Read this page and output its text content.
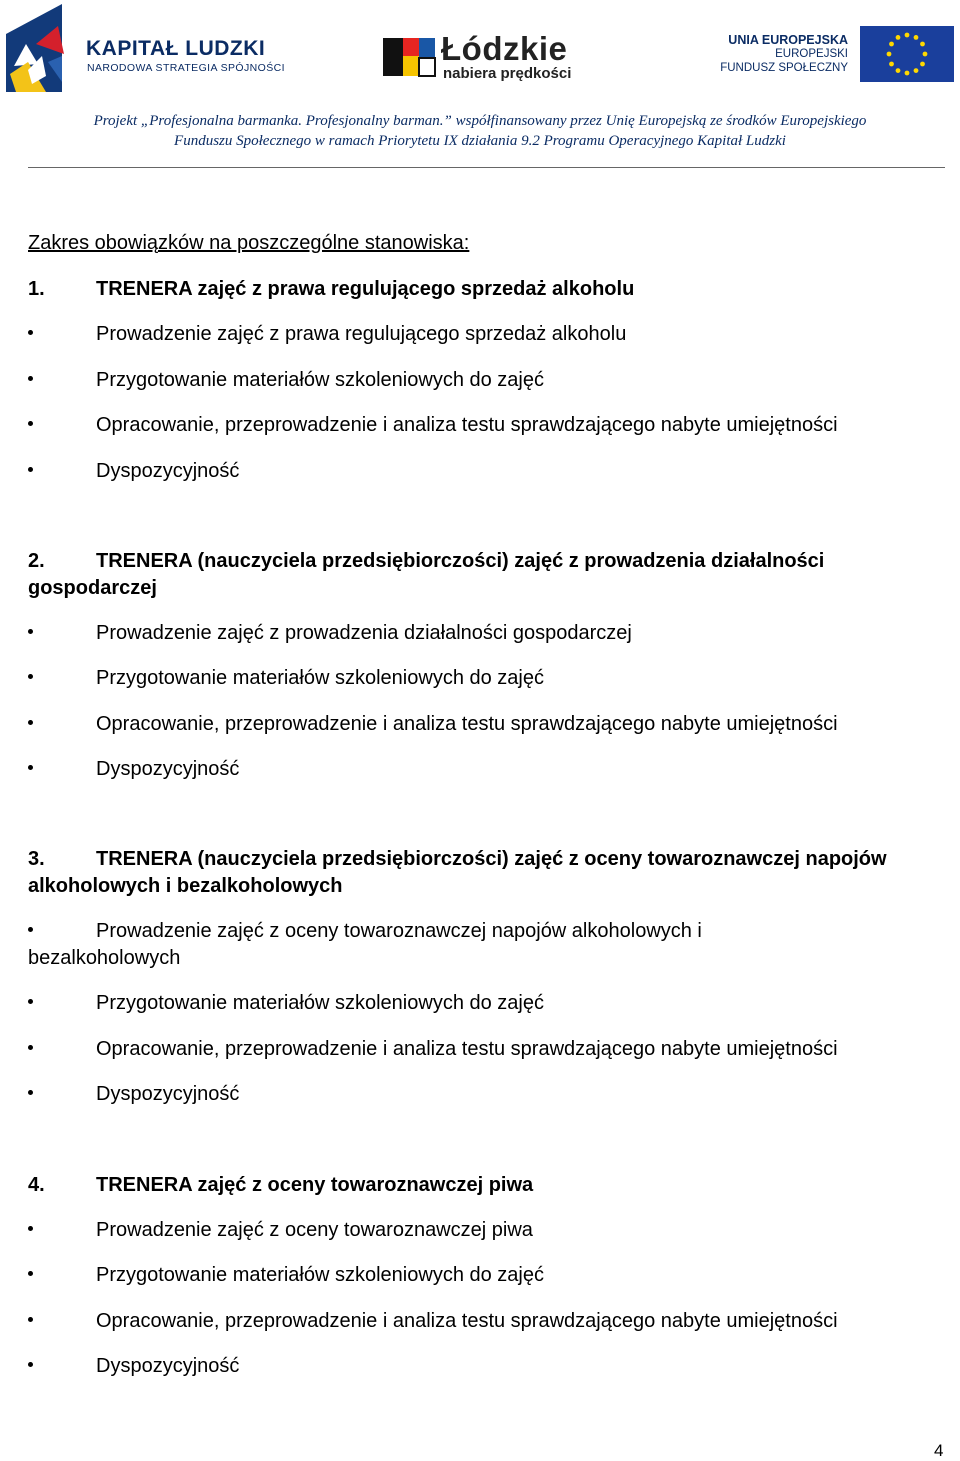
KAPITAŁ LUDZKI
NARODOWA STRATEGIA SPÓJNOŚCI
Łódzkie
nabiera prędkości
UNIA EUROPEJSKA
EUROPEJSKI
FUNDUSZ SPOŁECZNY
Projekt „Profesjonalna barmanka. Profesjonalny barman.” współfinansowany przez Unię Europejską ze środków Europejskiego
Funduszu Społecznego w ramach Priorytetu IX działania 9.2 Programu Operacyjnego Kapitał Ludzki
Zakres obowiązków na poszczególne stanowiska:
1.	TRENERA zajęć z prawa regulującego sprzedaż alkoholu
Prowadzenie zajęć z prawa regulującego sprzedaż alkoholu
Przygotowanie materiałów szkoleniowych do zajęć
Opracowanie, przeprowadzenie i analiza testu sprawdzającego nabyte umiejętności
Dyspozycyjność
2.	TRENERA (nauczyciela przedsiębiorczości) zajęć z prowadzenia działalności gospodarczej
Prowadzenie zajęć z prowadzenia działalności gospodarczej
Przygotowanie materiałów szkoleniowych do zajęć
Opracowanie, przeprowadzenie i analiza testu sprawdzającego nabyte umiejętności
Dyspozycyjność
3.	TRENERA (nauczyciela przedsiębiorczości) zajęć z oceny towaroznawczej napojów alkoholowych i bezalkoholowych
Prowadzenie zajęć z oceny towaroznawczej napojów alkoholowych i bezalkoholowych
Przygotowanie materiałów szkoleniowych do zajęć
Opracowanie, przeprowadzenie i analiza testu sprawdzającego nabyte umiejętności
Dyspozycyjność
4.	TRENERA zajęć z oceny towaroznawczej piwa
Prowadzenie zajęć z oceny towaroznawczej piwa
Przygotowanie materiałów szkoleniowych do zajęć
Opracowanie, przeprowadzenie i analiza testu sprawdzającego nabyte umiejętności
Dyspozycyjność
4
